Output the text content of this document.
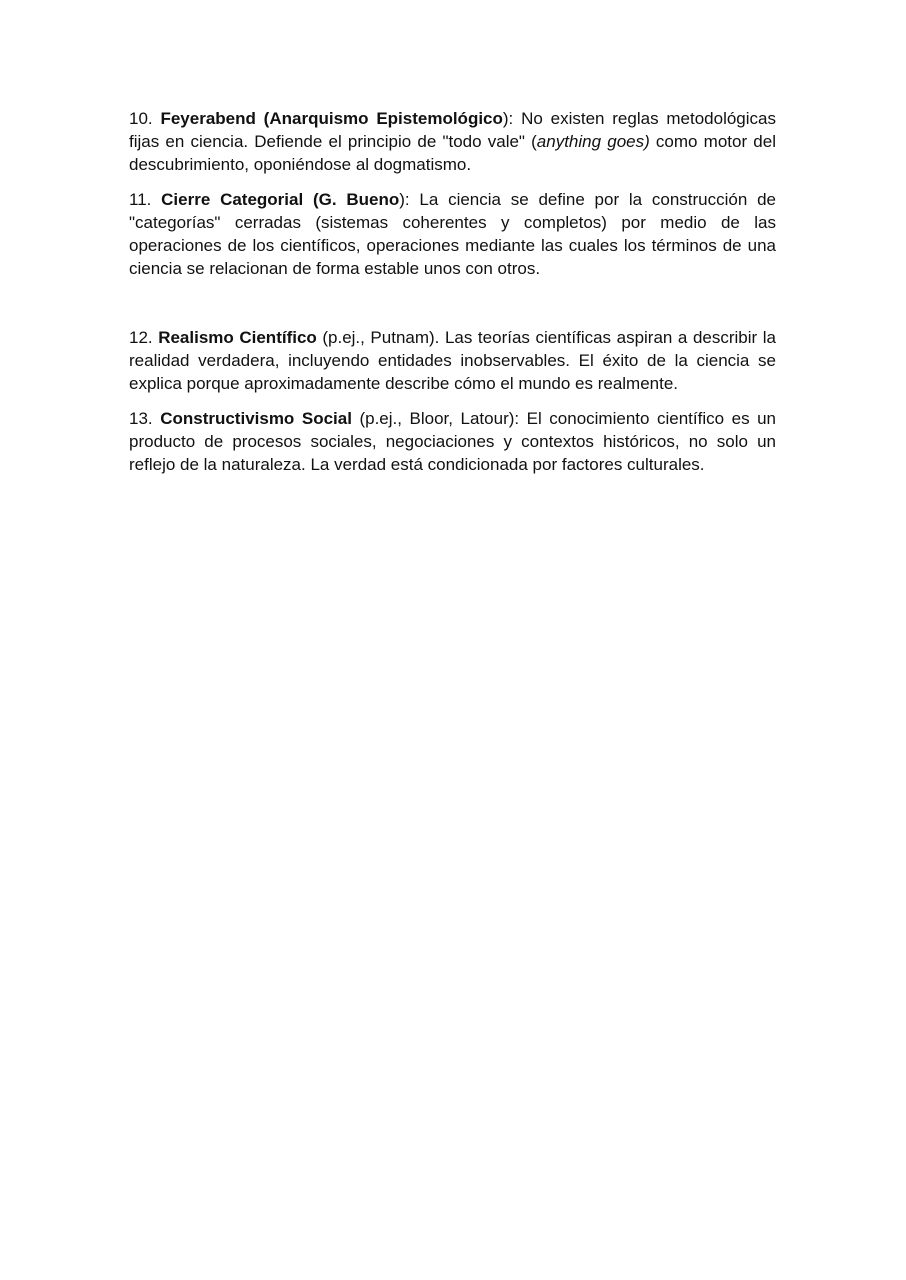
10. Feyerabend (Anarquismo Epistemológico): No existen reglas metodológicas fijas en ciencia. Defiende el principio de "todo vale" (anything goes) como motor del descubrimiento, oponiéndose al dogmatismo.

11. Cierre Categorial (G. Bueno): La ciencia se define por la construcción de "categorías" cerradas (sistemas coherentes y completos) por medio de las operaciones de los científicos, operaciones mediante las cuales los términos de una ciencia se relacionan de forma estable unos con otros.

12. Realismo Científico (p.ej., Putnam). Las teorías científicas aspiran a describir la realidad verdadera, incluyendo entidades inobservables. El éxito de la ciencia se explica porque aproximadamente describe cómo el mundo es realmente.

13. Constructivismo Social (p.ej., Bloor, Latour): El conocimiento científico es un producto de procesos sociales, negociaciones y contextos históricos, no solo un reflejo de la naturaleza. La verdad está condicionada por factores culturales.
